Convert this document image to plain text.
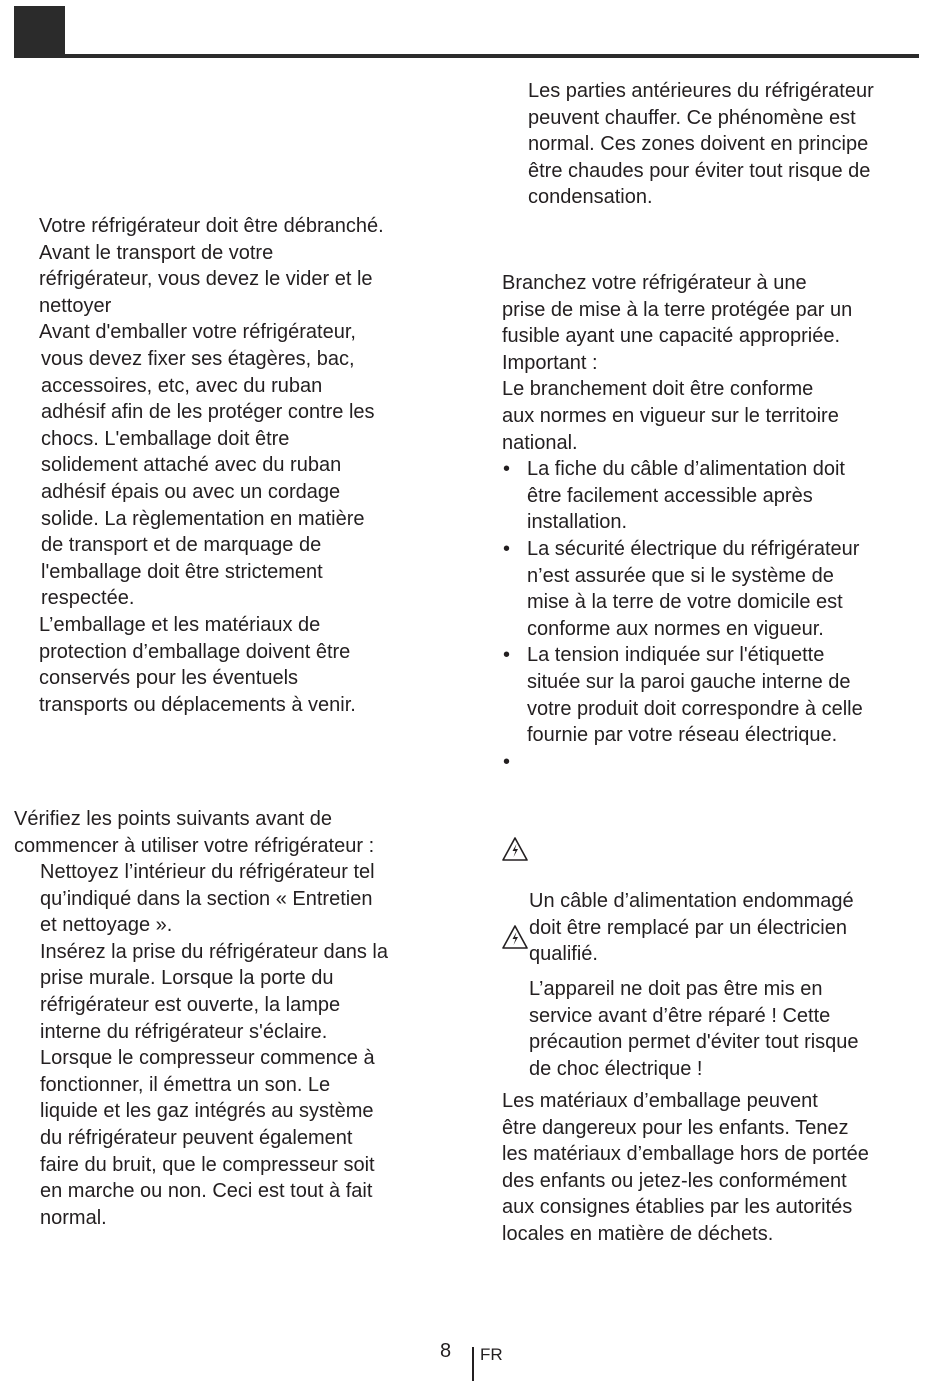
Votre réfrigérateur doit être débranché.

Avant le transport de votre
réfrigérateur, vous devez le vider et le
nettoyer

Avant d'emballer votre réfrigérateur,

vous devez fixer ses étagères, bac,
accessoires, etc, avec du ruban
adhésif afin de les protéger contre les
chocs. L'emballage doit être
solidement attaché avec du ruban
adhésif épais ou avec un cordage
solide. La règlementation en matière
de transport et de marquage de
l'emballage doit être strictement
respectée.

L’emballage et les matériaux de
protection d’emballage doivent être
conservés pour les éventuels
transports ou déplacements à venir.

Vérifiez les points suivants avant de
commencer à utiliser votre réfrigérateur :

Nettoyez l’intérieur du réfrigérateur tel
qu’indiqué dans la section « Entretien
et nettoyage ».

Insérez la prise du réfrigérateur dans la
prise murale. Lorsque la porte du
réfrigérateur est ouverte, la lampe
interne du réfrigérateur s'éclaire.

Lorsque le compresseur commence à
fonctionner, il émettra un son. Le
liquide et les gaz intégrés au système
du réfrigérateur peuvent également
faire du bruit, que le compresseur soit
en marche ou non. Ceci est tout à fait
normal.

Les parties antérieures du réfrigérateur
peuvent chauffer. Ce phénomène est
normal. Ces zones doivent en principe
être chaudes pour éviter tout risque de
condensation.

Branchez votre réfrigérateur à une
prise de mise à la terre protégée par un
fusible ayant une capacité appropriée.
Important :
Le branchement doit être conforme
aux normes en vigueur sur le territoire
national.

• La fiche du câble d’alimentation doit
être facilement accessible après
installation.
• La sécurité électrique du réfrigérateur
n’est assurée que si le système de
mise à la terre de votre domicile est
conforme aux normes en vigueur.
• La tension indiquée sur l'étiquette
située sur la paroi gauche interne de
votre produit doit correspondre à celle
fournie par votre réseau électrique.

Un câble d’alimentation endommagé
doit être remplacé par un électricien
qualifié.

L’appareil ne doit pas être mis en
service avant d’être réparé ! Cette
précaution permet d'éviter tout risque
de choc électrique !

Les matériaux d’emballage peuvent
être dangereux pour les enfants. Tenez
les matériaux d’emballage hors de portée
des enfants ou jetez-les conformément
aux consignes établies par les autorités
locales en matière de déchets.

8 FR
